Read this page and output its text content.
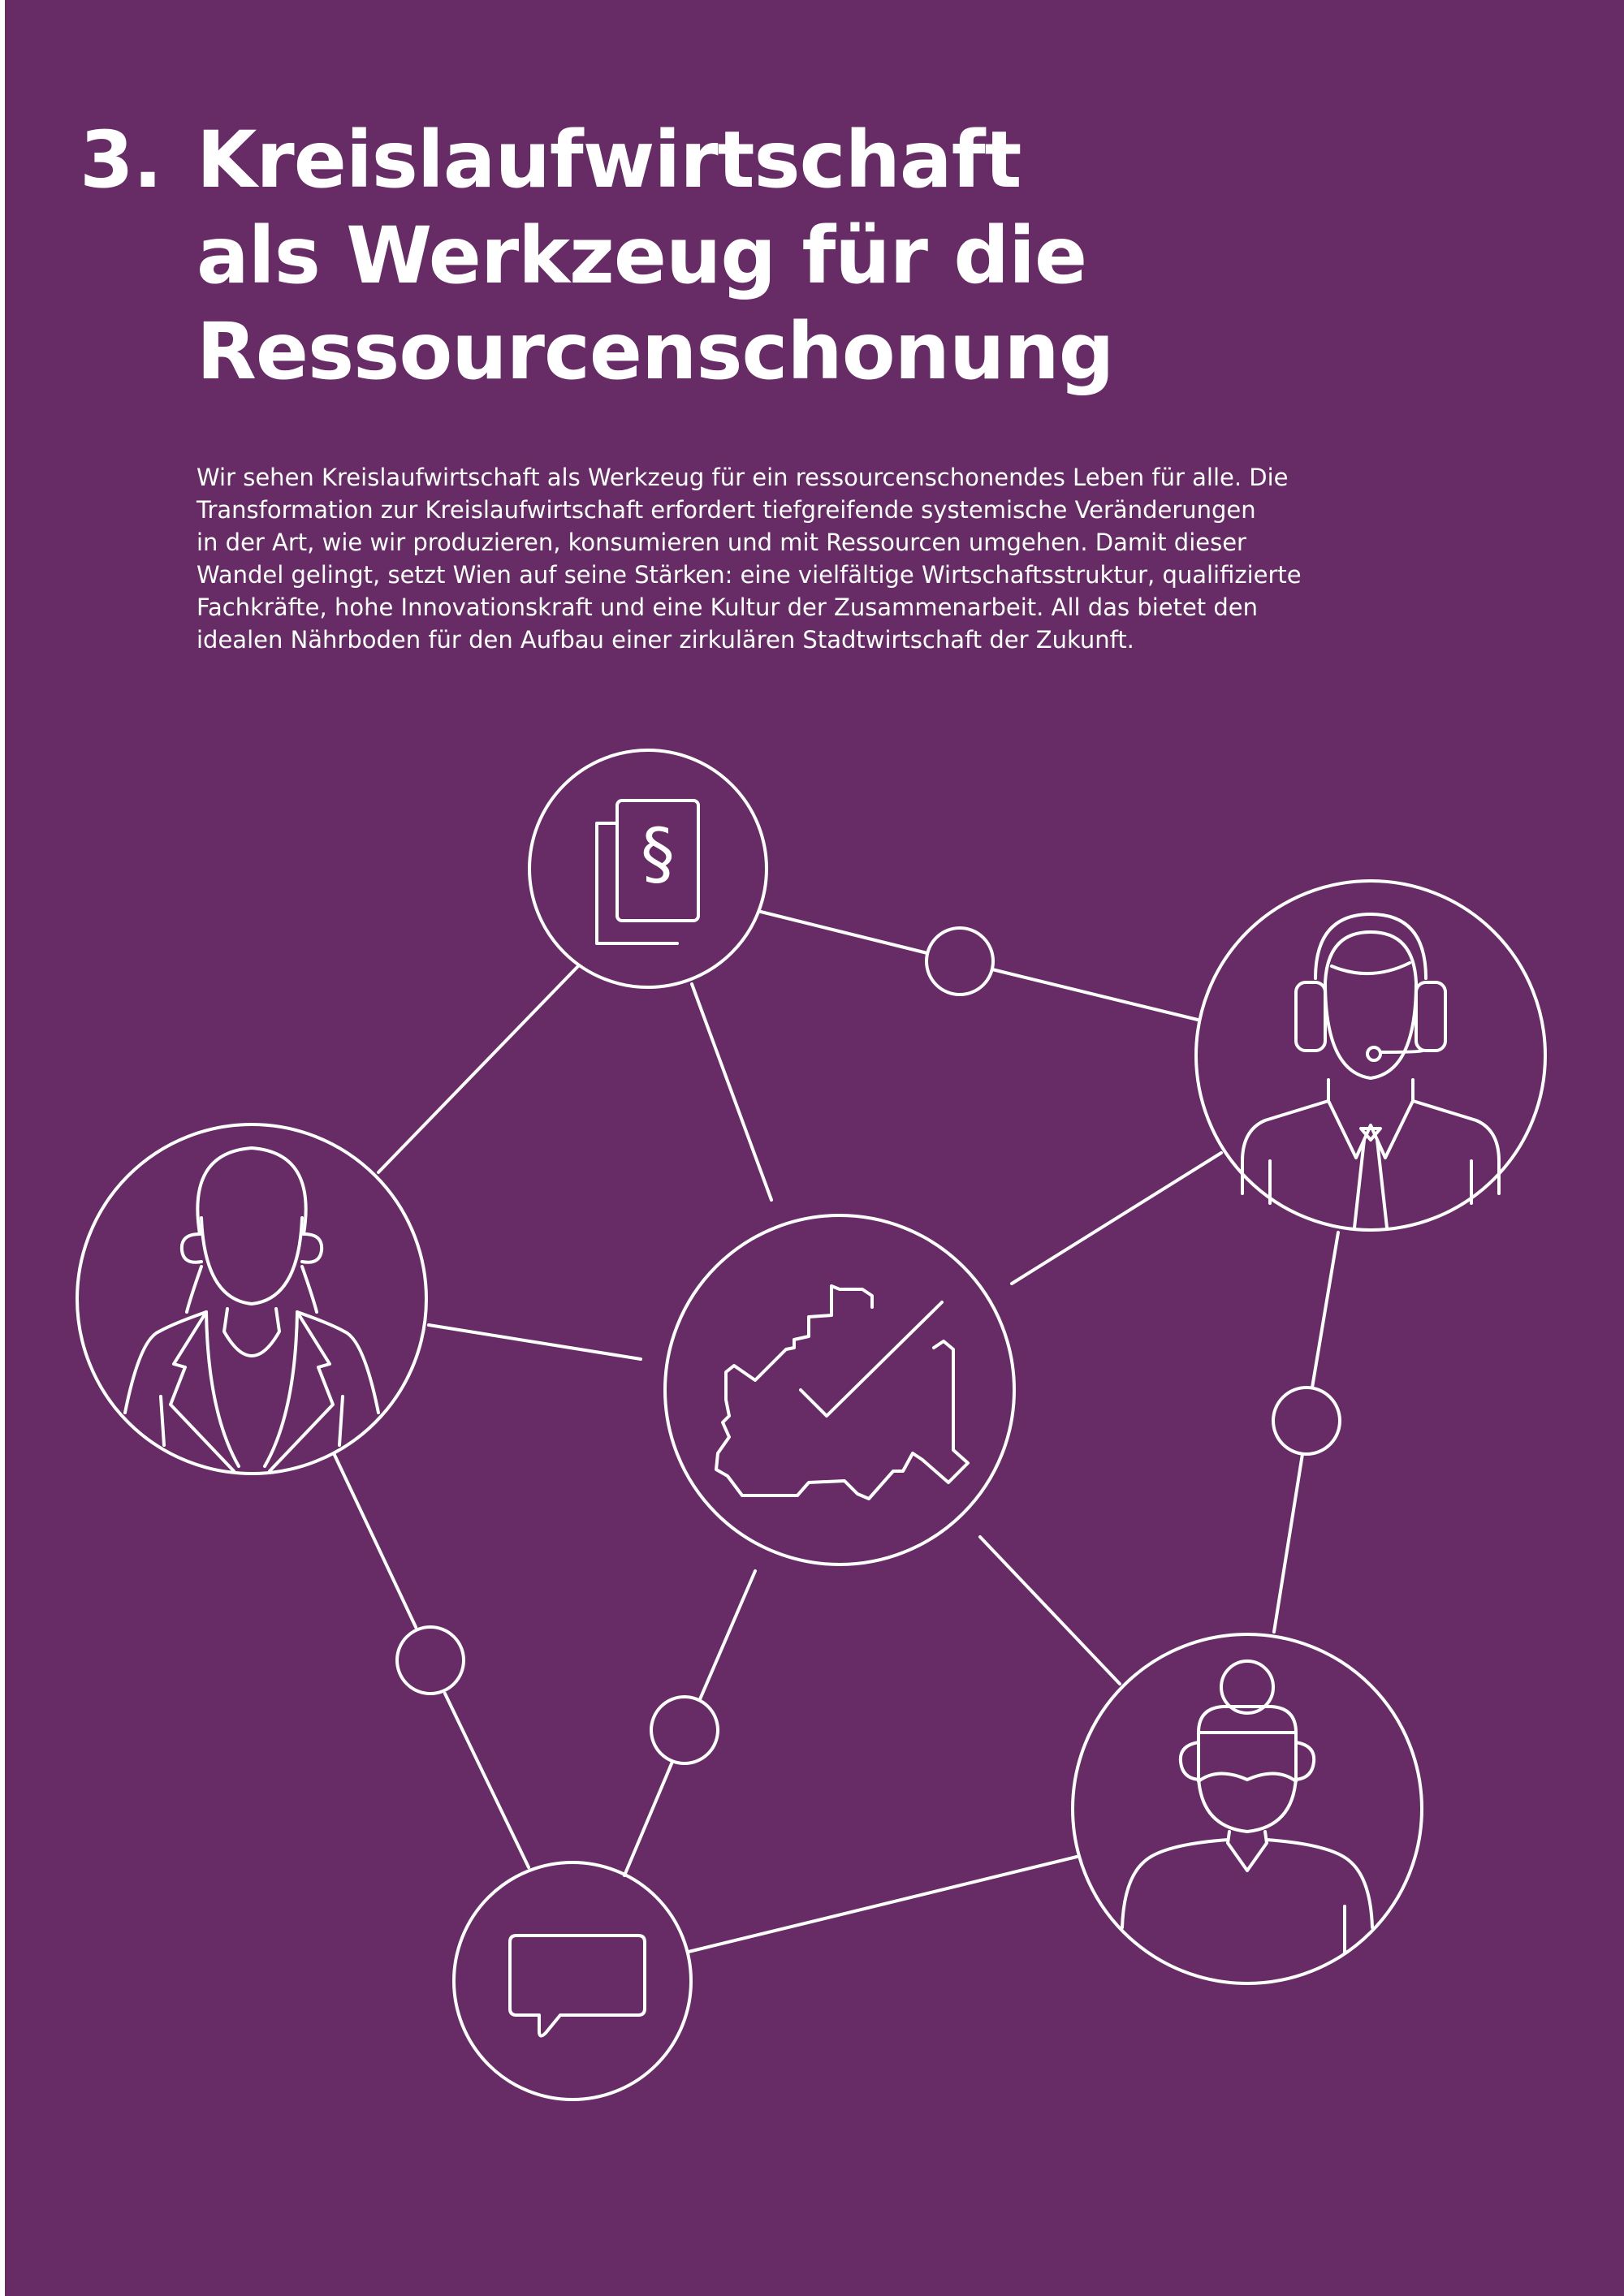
3. Kreislaufwirtschaft
als Werkzeug für die
Ressourcenschonung
Wir sehen Kreislaufwirtschaft als Werkzeug für ein ressourcenschonendes Leben für alle. Die
Transformation zur Kreislaufwirtschaft erfordert tiefgreifende systemische Veränderungen
in der Art, wie wir produzieren, konsumieren und mit Ressourcen umgehen. Damit dieser
Wandel gelingt, setzt Wien auf seine Stärken: eine vielfältige Wirtschaftsstruktur, qualifizierte
Fachkräfte, hohe Innovationskraft und eine Kultur der Zusammenarbeit. All das bietet den
idealen Nährboden für den Aufbau einer zirkulären Stadtwirtschaft der Zukunft.
§
